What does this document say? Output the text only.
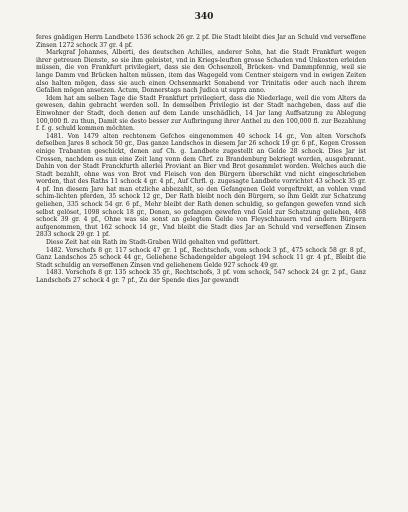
340

feres gnädigen Herrn Landbete 1536 schock 26 gr. 2 pf. Die Stadt bleibt dies Jar an Schuld vnd verseffene Zinsen 1272 schock 37 gr. 4 pf.

Markgraf Johannes, Alberti, des deutschen Achilles, anderer Sohn, hat die Stadt Frankfurt wegen ihrer getreuen Dienste, so sie ihm geleistet, vnd in Kriegs-leuften grosse Schaden vnd Unkosten erleiden müssen, die von Frankfurt privilegiert, dass sie den Ochsenzoll, Brücken- vnd Dammpfennig, weil sie lange Damm vnd Brücken halten müssen, item das Wagegeld vom Centner steigern vnd in ewigen Zeiten also halten mögen, dass sie auch einen Ochsenmarkt Sonabend vor Trinitatis oder auch nach ihrem Gefallen mögen ansetzen. Actum, Donnerstags nach Judica ut supra anno.

Idem hat am selben Tage die Stadt Frankfurt privilegiert, dass die Niederlage, weil die vom Alters da gewesen, dahin gebracht werden soll. In demselben Privilegio ist der Stadt nachgeben, dass auf die Einwohner der Stadt, doch denen auf dem Lande unschädlich, 14 Jar lang Auffsatzung zu Ablegung 100,000 fl. zu thun, Damit sie desto besser zur Aufbringung ihrer Anthel zu den 100,000 fl. zur Bezahlung f. f. g. schuld kommen möchten.

1481. Von 1479 alten rechtenem Gefchos eingenommen 40 schock 14 gr., Von alten Vorschofs defselben Jares 8 schock 50 gr., Das ganze Landschos in diesem Jar 26 schock 19 gr. 6 pf., Kegen Crossen einige Trabanten geschickt, denen auf Ch. g. Landbete zugestellt an Gelde 28 schock. Dies Jar ist Crossen, nachdem es nun eine Zeit lang vonn dem Chrf. zu Brandenburg bekriegt worden, ausgebrannt. Dahin von der Stadt Franckfurth allerlei Proviant an Bier vnd Brot gesammlet worden. Welches auch die Stadt bezahlt, ohne was von Brot vnd Fleisch von den Bürgern überschikt vnd nicht eingeschrieben worden, that des Raths 11 schock 4 gr. 4 pf., Auf Chrfl. g. zugesagte Landbete vorrichtet 43 schock 35 gr. 4 pf. Inn diesem Jare hat man etzliche abbezahlt, so den Gefangenen Geld vorgeftrekt, an vohlen vnnd schim-lichten pferden, 35 schock 12 gr., Der Rath bleibt noch den Bürgern, so ihm Geldt zur Schatzung geliehen, 335 schock 54 gr. 6 pf., Mehr bleibt der Rath denen schuldig, so gefangen gewefen vnnd sich selbst gelöset, 1098 schock 18 gr., Denen, so gefangen gewefen vnd Geld zur Schatzung geliehen, 468 schock 39 gr. 4 pf., Ohne was sie sonst an gelegtem Gelde von Fleyschhauern vnd andern Bürgern aufgenommen, thut 162 schock 14 gr., Vnd bleibt die Stadt dies Jar an Schuld vnd verseffenen Zinsen 2833 schock 29 gr. 1 pf.

Diese Zeit hat ein Rath im Stadt-Graben Wild gehalten vnd gefüttert.

1482. Vorschofs 8 gr. 117 schock 47 gr. 1 pf., Rechtschofs, vom schock 3 pf., 475 schock 58 gr. 8 pf., Ganz Landschos 25 schock 44 gr., Geliehene Schadengelder abgelegt 194 schock 11 gr. 4 pf., Bleibt die Stadt schuldig an verseffenen Zinsen vnd geliehenem Gelde 927 schock 49 gr.

1483. Vorschofs 8 gr. 135 schock 35 gr., Rechtschofs, 3 pf. vom schock, 547 schock 24 gr. 2 pf., Ganz Landschofs 27 schock 4 gr. 7 pf., Zu der Spende dies Jar gewandt
